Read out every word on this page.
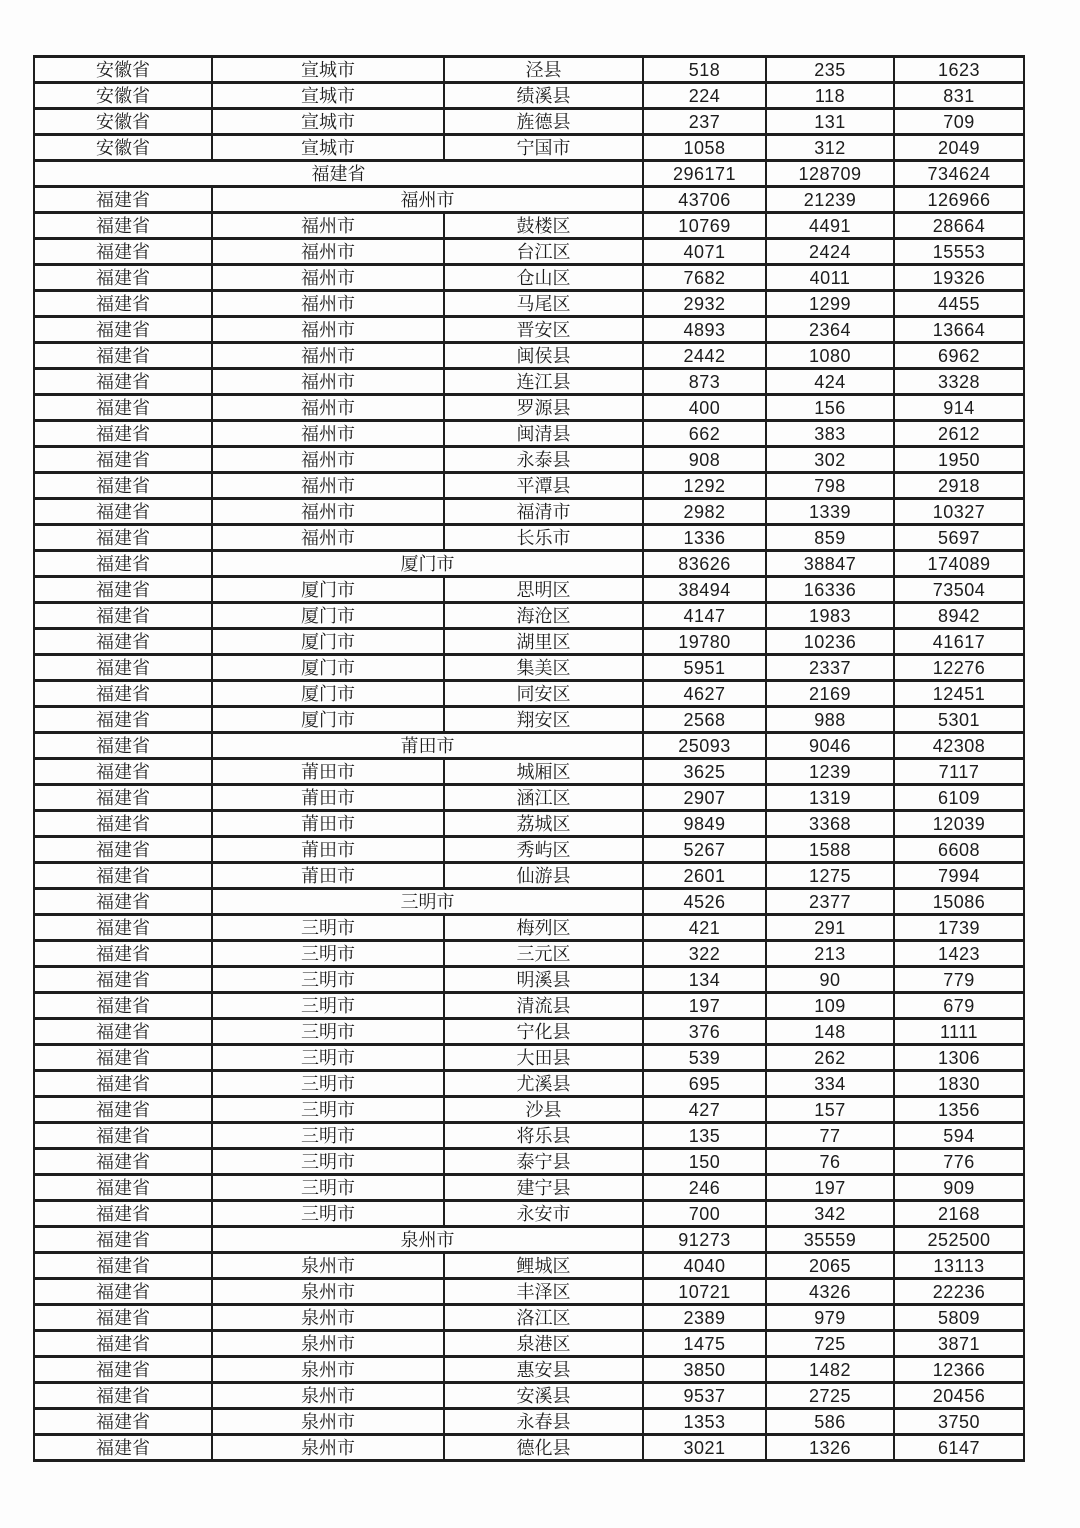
安徽省	宣城市	泾县	518	235	1623
安徽省	宣城市	绩溪县	224	118	831
安徽省	宣城市	旌德县	237	131	709
安徽省	宣城市	宁国市	1058	312	2049
福建省			296171	128709	734624
福建省	福州市		43706	21239	126966
福建省	福州市	鼓楼区	10769	4491	28664
福建省	福州市	台江区	4071	2424	15553
福建省	福州市	仓山区	7682	4011	19326
福建省	福州市	马尾区	2932	1299	4455
福建省	福州市	晋安区	4893	2364	13664
福建省	福州市	闽侯县	2442	1080	6962
福建省	福州市	连江县	873	424	3328
福建省	福州市	罗源县	400	156	914
福建省	福州市	闽清县	662	383	2612
福建省	福州市	永泰县	908	302	1950
福建省	福州市	平潭县	1292	798	2918
福建省	福州市	福清市	2982	1339	10327
福建省	福州市	长乐市	1336	859	5697
福建省	厦门市		83626	38847	174089
福建省	厦门市	思明区	38494	16336	73504
福建省	厦门市	海沧区	4147	1983	8942
福建省	厦门市	湖里区	19780	10236	41617
福建省	厦门市	集美区	5951	2337	12276
福建省	厦门市	同安区	4627	2169	12451
福建省	厦门市	翔安区	2568	988	5301
福建省	莆田市		25093	9046	42308
福建省	莆田市	城厢区	3625	1239	7117
福建省	莆田市	涵江区	2907	1319	6109
福建省	莆田市	荔城区	9849	3368	12039
福建省	莆田市	秀屿区	5267	1588	6608
福建省	莆田市	仙游县	2601	1275	7994
福建省	三明市		4526	2377	15086
福建省	三明市	梅列区	421	291	1739
福建省	三明市	三元区	322	213	1423
福建省	三明市	明溪县	134	90	779
福建省	三明市	清流县	197	109	679
福建省	三明市	宁化县	376	148	1111
福建省	三明市	大田县	539	262	1306
福建省	三明市	尤溪县	695	334	1830
福建省	三明市	沙县	427	157	1356
福建省	三明市	将乐县	135	77	594
福建省	三明市	泰宁县	150	76	776
福建省	三明市	建宁县	246	197	909
福建省	三明市	永安市	700	342	2168
福建省	泉州市		91273	35559	252500
福建省	泉州市	鲤城区	4040	2065	13113
福建省	泉州市	丰泽区	10721	4326	22236
福建省	泉州市	洛江区	2389	979	5809
福建省	泉州市	泉港区	1475	725	3871
福建省	泉州市	惠安县	3850	1482	12366
福建省	泉州市	安溪县	9537	2725	20456
福建省	泉州市	永春县	1353	586	3750
福建省	泉州市	德化县	3021	1326	6147
